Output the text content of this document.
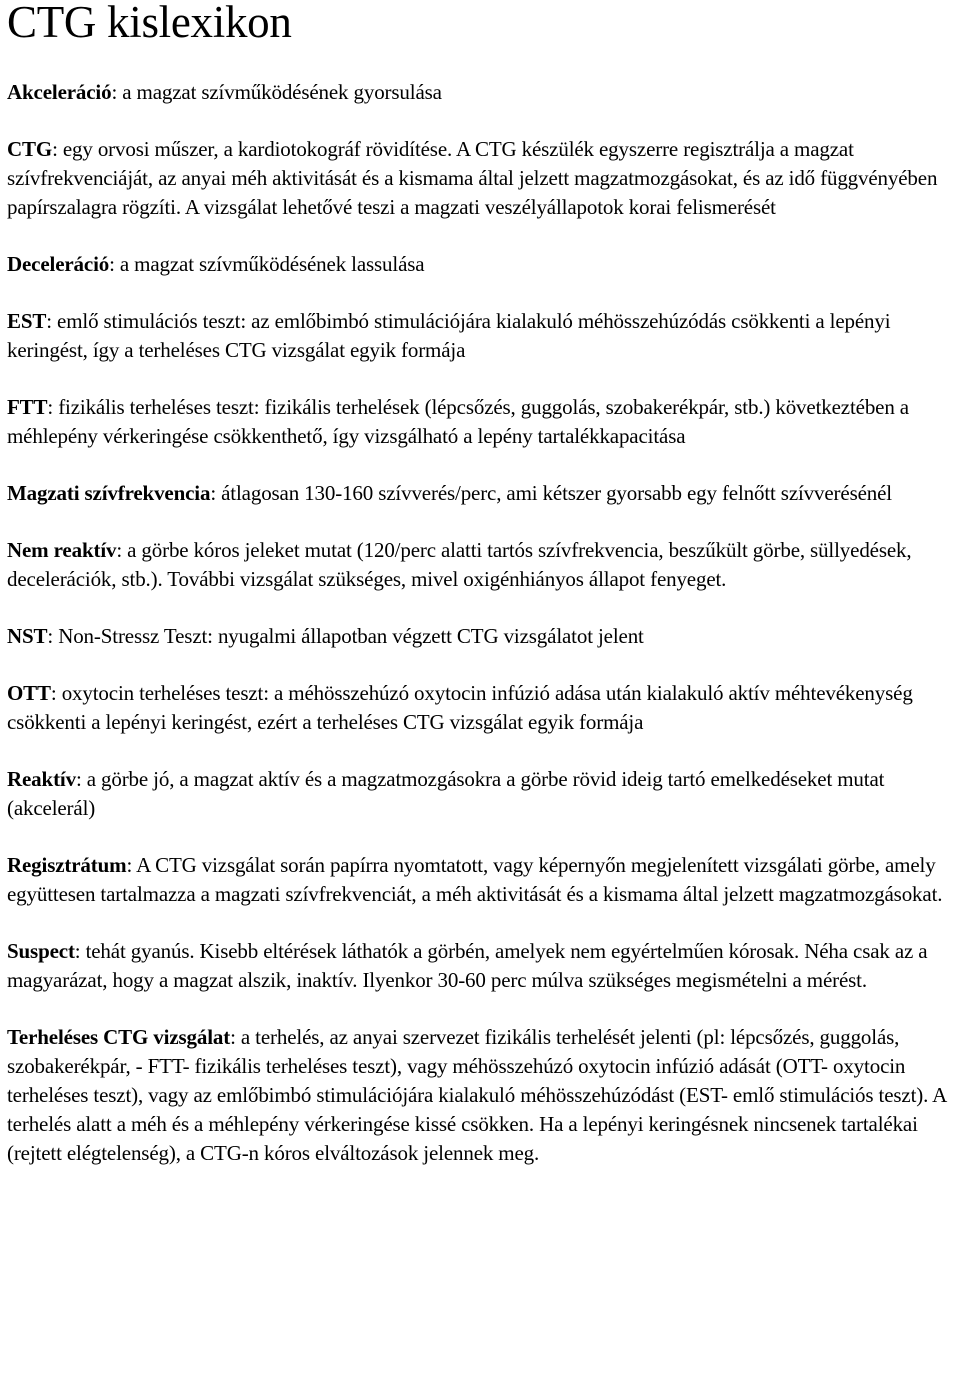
CTG kislexikon

Akceleráció: a magzat szívműködésének gyorsulása

CTG: egy orvosi műszer, a kardiotokográf rövidítése. A CTG készülék egyszerre regisztrálja a magzat szívfrekvenciáját, az anyai méh aktivitását és a kismama által jelzett magzatmozgásokat, és az idő függvényében papírszalagra rögzíti. A vizsgálat lehetővé teszi a magzati veszélyállapotok korai felismerését

Deceleráció: a magzat szívműködésének lassulása

EST: emlő stimulációs teszt: az emlőbimbó stimulációjára kialakuló méhösszehúzódás csökkenti a lepényi keringést, így a terheléses CTG vizsgálat egyik formája

FTT: fizikális terheléses teszt: fizikális terhelések (lépcsőzés, guggolás, szobakerékpár, stb.) következtében a méhlepény vérkeringése csökkenthető, így vizsgálható a lepény tartalékkapacitása

Magzati szívfrekvencia: átlagosan 130-160 szívverés/perc, ami kétszer gyorsabb egy felnőtt szívverésénél

Nem reaktív: a görbe kóros jeleket mutat (120/perc alatti tartós szívfrekvencia, beszűkült görbe, süllyedések, decelerációk, stb.). További vizsgálat szükséges, mivel oxigénhiányos állapot fenyeget.

NST: Non-Stressz Teszt: nyugalmi állapotban végzett CTG vizsgálatot jelent

OTT: oxytocin terheléses teszt: a méhösszehúzó oxytocin infúzió adása után kialakuló aktív méhtevékenység csökkenti a lepényi keringést, ezért a terheléses CTG vizsgálat egyik formája

Reaktív: a görbe jó, a magzat aktív és a magzatmozgásokra a görbe rövid ideig tartó emelkedéseket mutat (akcelerál)

Regisztrátum: A CTG vizsgálat során papírra nyomtatott, vagy képernyőn megjelenített vizsgálati görbe, amely együttesen tartalmazza a magzati szívfrekvenciát, a méh aktivitását és a kismama által jelzett magzatmozgásokat.

Suspect: tehát gyanús. Kisebb eltérések láthatók a görbén, amelyek nem egyértelműen kórosak. Néha csak az a magyarázat, hogy a magzat alszik, inaktív. Ilyenkor 30-60 perc múlva szükséges megismételni a mérést.

Terheléses CTG vizsgálat: a terhelés, az anyai szervezet fizikális terhelését jelenti (pl: lépcsőzés, guggolás, szobakerékpár, - FTT- fizikális terheléses teszt), vagy méhösszehúzó oxytocin infúzió adását (OTT- oxytocin terheléses teszt), vagy az emlőbimbó stimulációjára kialakuló méhösszehúzódást (EST- emlő stimulációs teszt). A terhelés alatt a méh és a méhlepény vérkeringése kissé csökken. Ha a lepényi keringésnek nincsenek tartalékai (rejtett elégtelenség), a CTG-n kóros elváltozások jelennek meg.
